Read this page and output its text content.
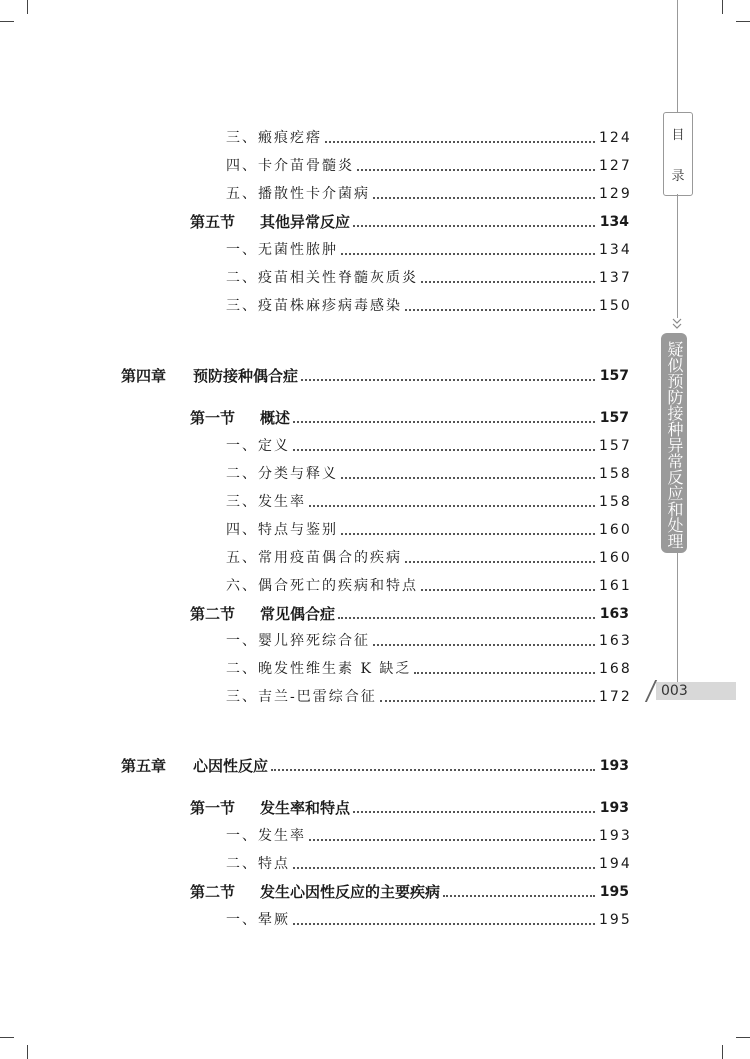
三、瘢痕疙瘩	124
四、卡介苗骨髓炎	127
五、播散性卡介菌病	129
第五节 其他异常反应	134
一、无菌性脓肿	134
二、疫苗相关性脊髓灰质炎	137
三、疫苗株麻疹病毒感染	150
第四章 预防接种偶合症	157
第一节 概述	157
一、定义	157
二、分类与释义	158
三、发生率	158
四、特点与鉴别	160
五、常用疫苗偶合的疾病	160
六、偶合死亡的疾病和特点	161
第二节 常见偶合症	163
一、婴儿猝死综合征	163
二、晚发性维生素 K 缺乏	168
三、吉兰-巴雷综合征	172
第五章 心因性反应	193
第一节 发生率和特点	193
一、发生率	193
二、特点	194
第二节 发生心因性反应的主要疾病	195
一、晕厥	195
目
录
疑似预防接种异常反应和处理
003
